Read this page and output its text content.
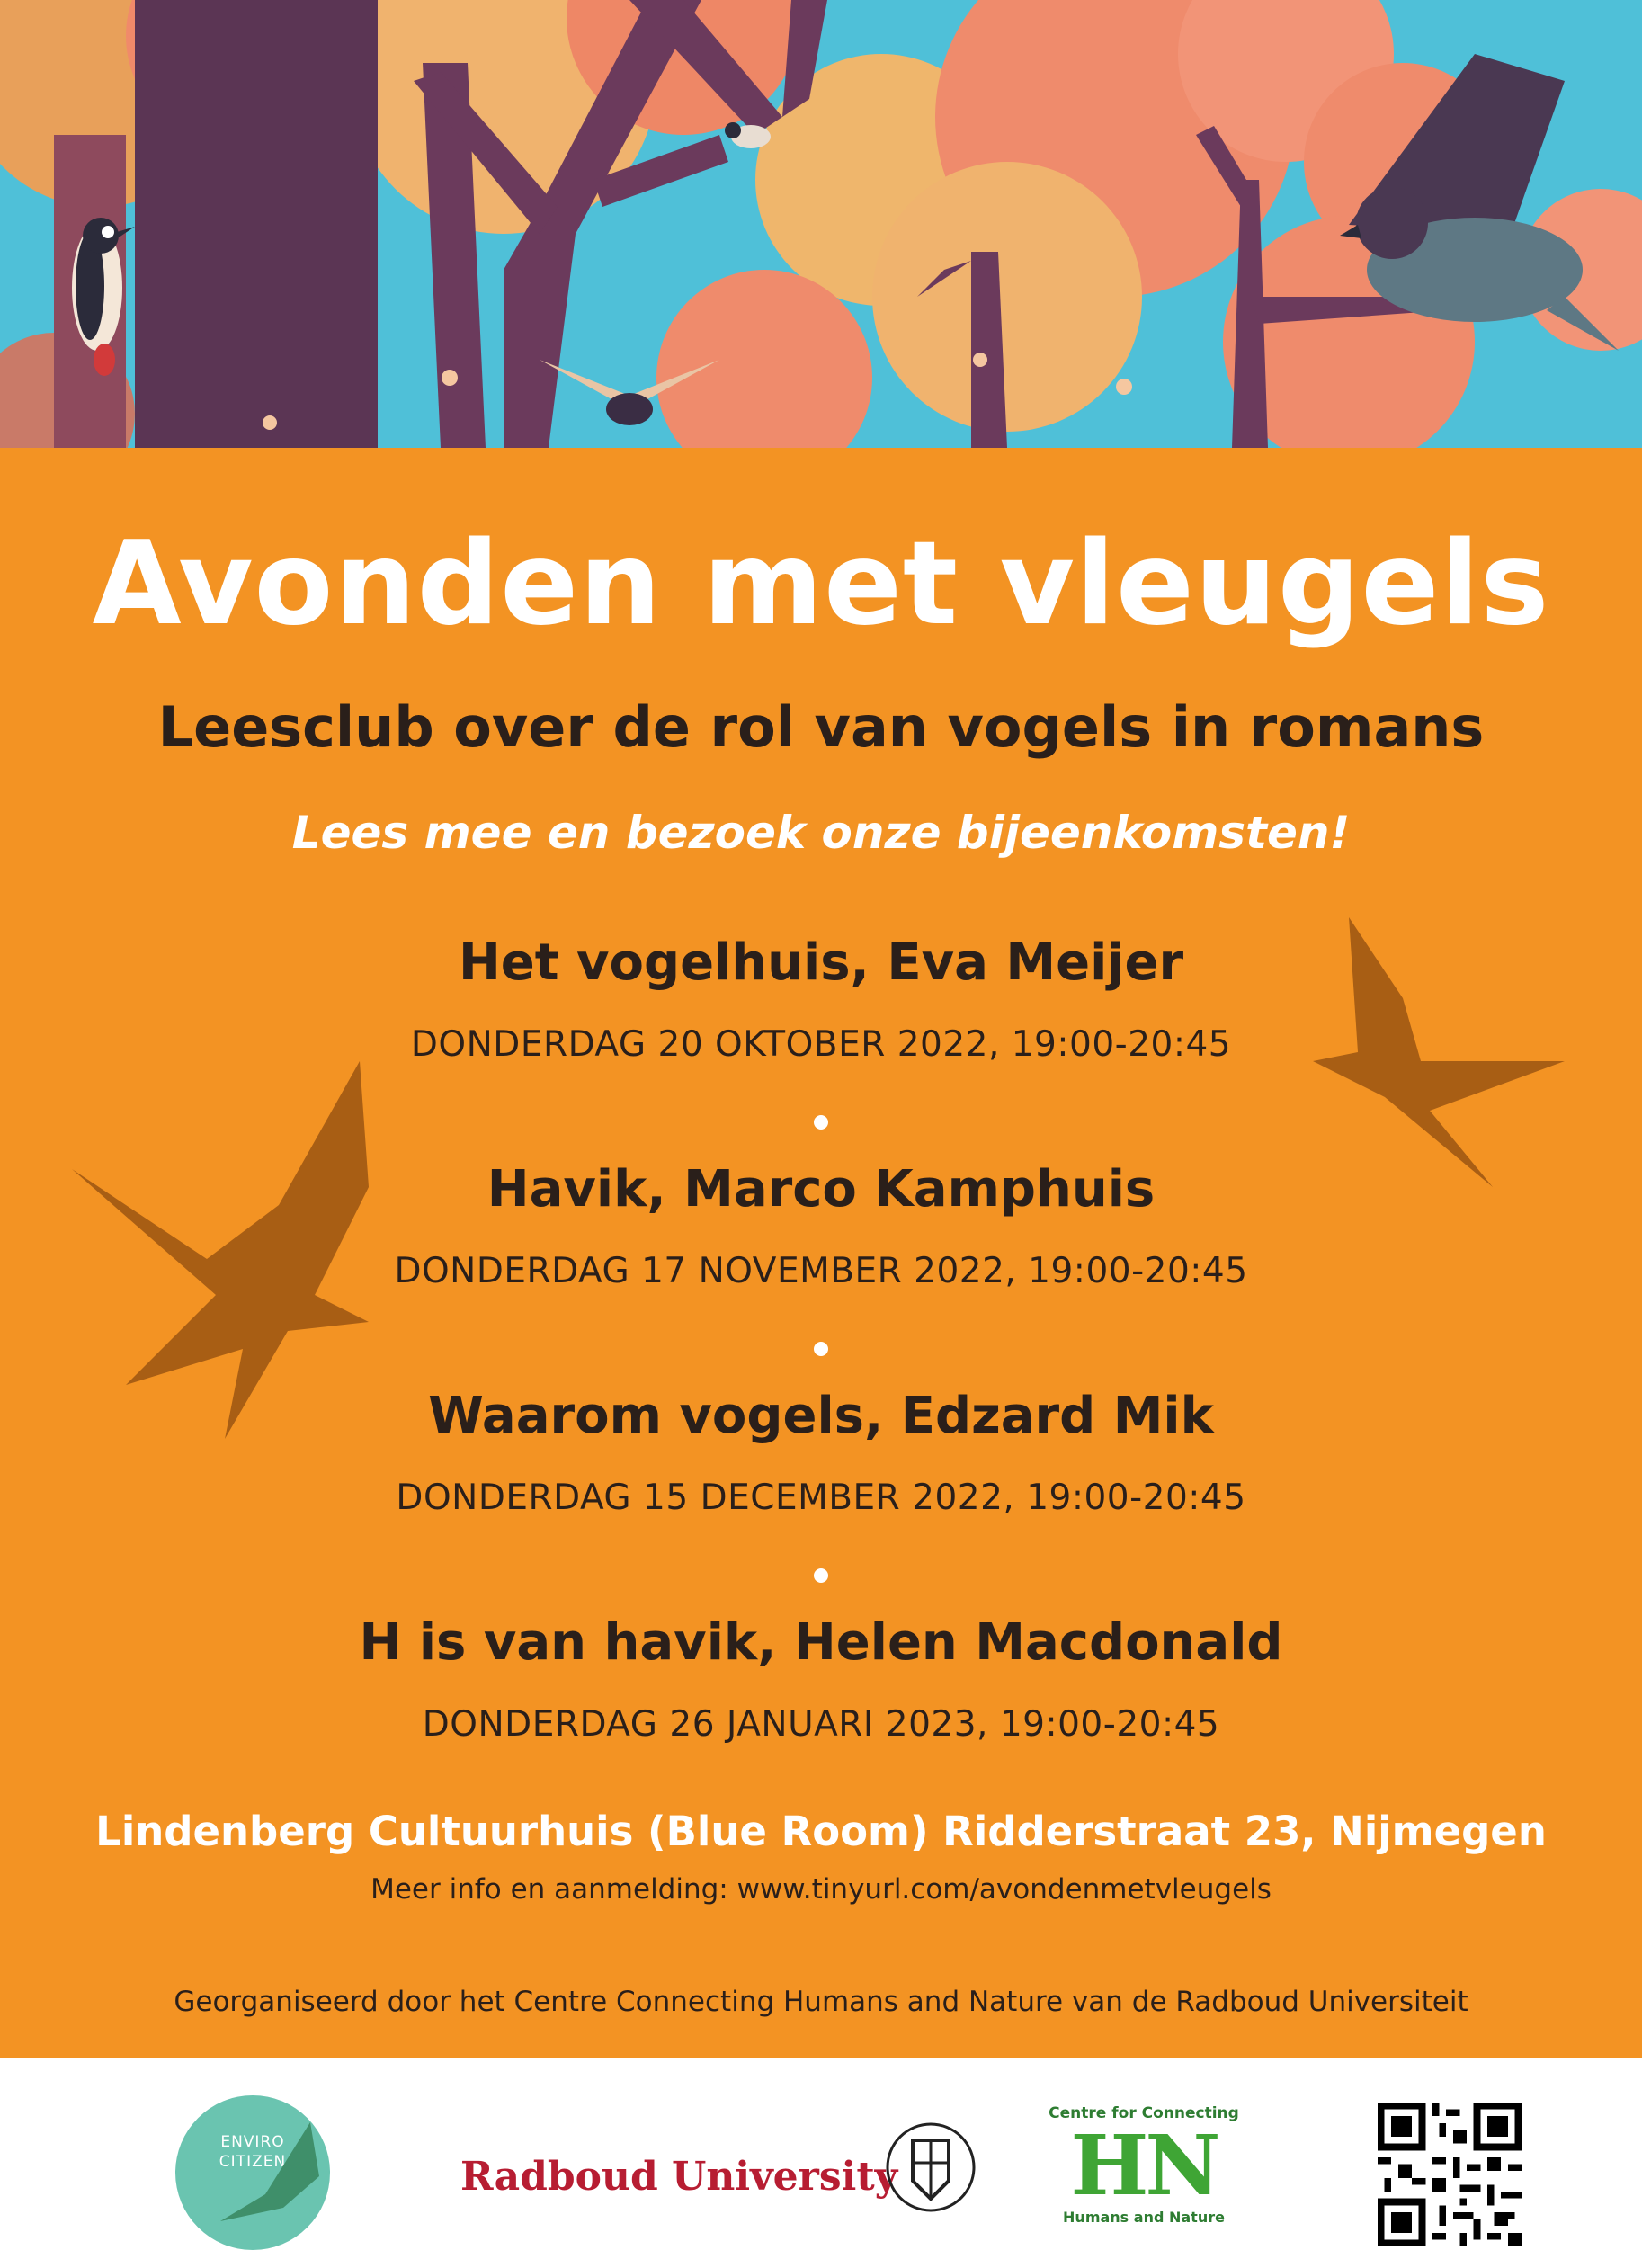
Avonden met vleugels
Leesclub over de rol van vogels in romans
Lees mee en bezoek onze bijeenkomsten!
Het vogelhuis, Eva Meijer
DONDERDAG 20 OKTOBER 2022, 19:00-20:45
Havik, Marco Kamphuis
DONDERDAG 17 NOVEMBER 2022, 19:00-20:45
Waarom vogels, Edzard Mik
DONDERDAG 15 DECEMBER 2022, 19:00-20:45
H is van havik, Helen Macdonald
DONDERDAG 26 JANUARI 2023, 19:00-20:45
Lindenberg Cultuurhuis (Blue Room) Ridderstraat 23, Nijmegen
Meer info en aanmelding: www.tinyurl.com/avondenmetvleugels
Georganiseerd door het Centre Connecting Humans and Nature van de Radboud Universiteit
ENVIRO
CITIZEN	Radboud University
Centre for Connecting
HN
Humans and Nature
